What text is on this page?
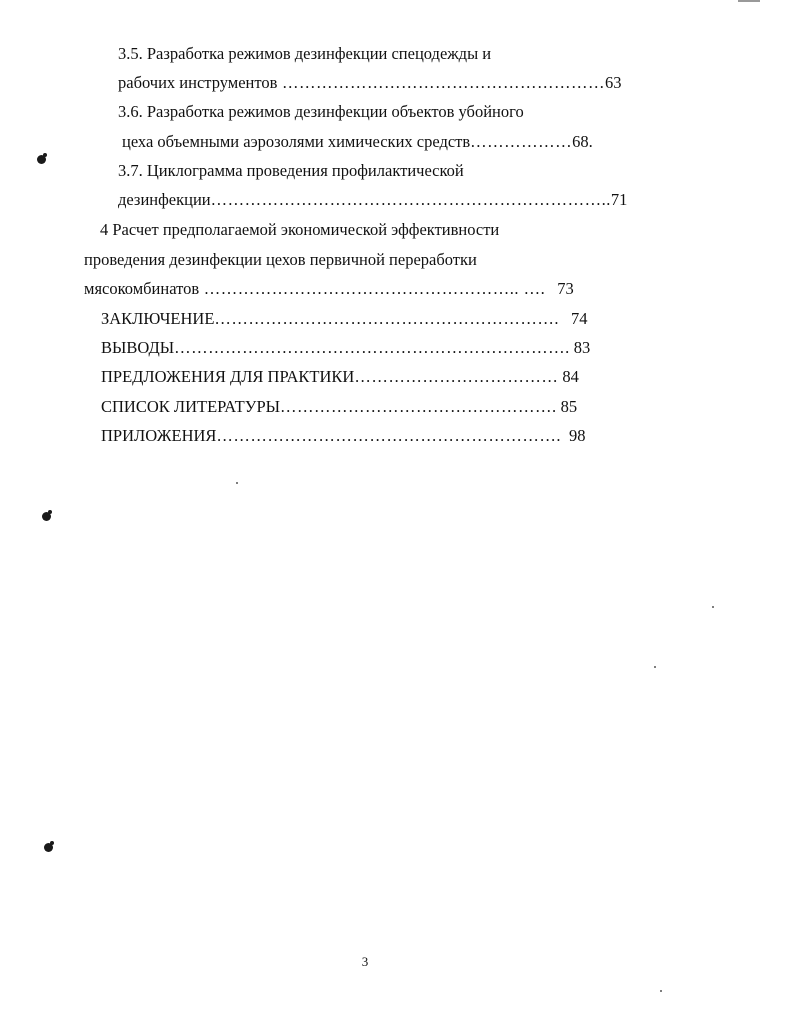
3.5. Разработка режимов дезинфекции спецодежды и
рабочих инструментов …………………………………………………63
3.6. Разработка режимов дезинфекции объектов убойного
цеха объемными аэрозолями химических средств………………68.
3.7. Циклограмма проведения профилактической
дезинфекции……………………………………………………………..71
4 Расчет предполагаемой экономической эффективности
проведения дезинфекции цехов первичной переработки
мясокомбинатов ……………………………………………….. …. 73
ЗАКЛЮЧЕНИЕ……………………………………………………. 74
ВЫВОДЫ……………………………………………………………. 83
ПРЕДЛОЖЕНИЯ ДЛЯ ПРАКТИКИ……………………………… 84
СПИСОК ЛИТЕРАТУРЫ…………………………………………. 85
ПРИЛОЖЕНИЯ……………………………………………………. 98
3
